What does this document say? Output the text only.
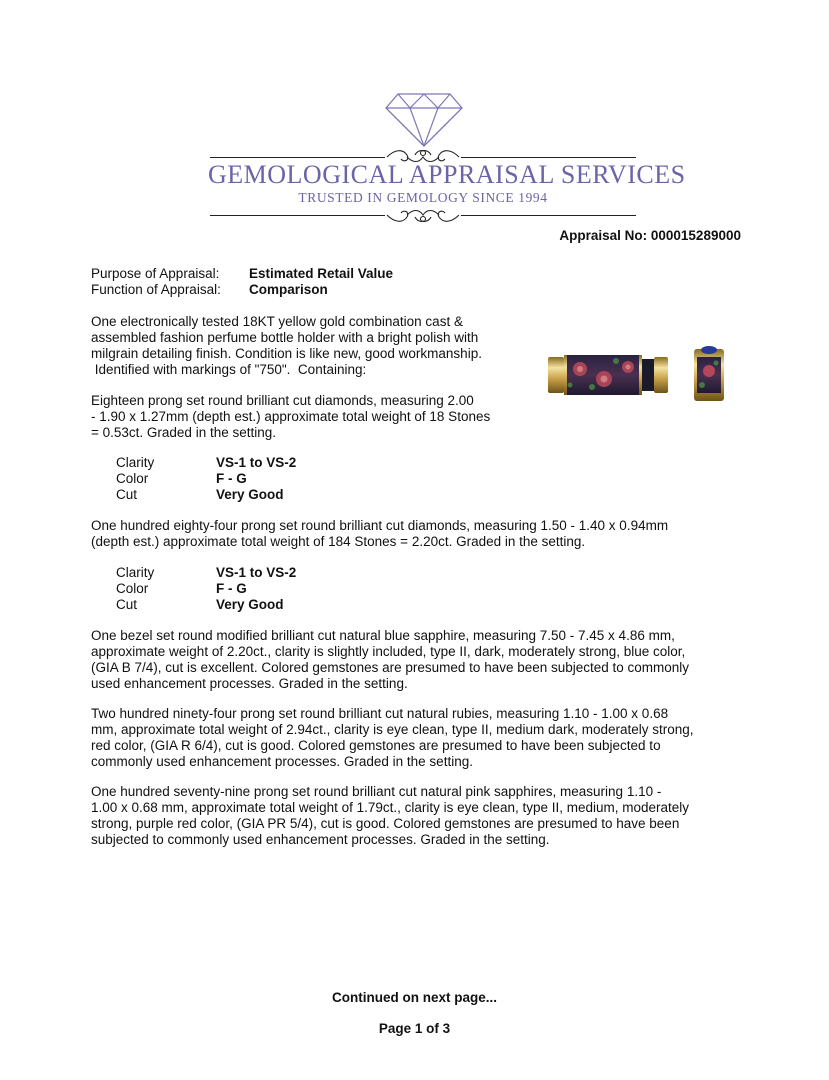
GEMOLOGICAL APPRAISAL SERVICES
TRUSTED IN GEMOLOGY SINCE 1994
Appraisal No: 000015289000
Purpose of Appraisal: Estimated Retail Value
Function of Appraisal: Comparison
One electronically tested 18KT yellow gold combination cast &
assembled fashion perfume bottle holder with a bright polish with
milgrain detailing finish. Condition is like new, good workmanship.
Identified with markings of "750".  Containing:
Eighteen prong set round brilliant cut diamonds, measuring 2.00
- 1.90 x 1.27mm (depth est.) approximate total weight of 18 Stones
= 0.53ct. Graded in the setting.
Clarity	VS-1 to VS-2
Color	F - G
Cut	Very Good
One hundred eighty-four prong set round brilliant cut diamonds, measuring 1.50 - 1.40 x 0.94mm
(depth est.) approximate total weight of 184 Stones = 2.20ct. Graded in the setting.
Clarity	VS-1 to VS-2
Color	F - G
Cut	Very Good
One bezel set round modified brilliant cut natural blue sapphire, measuring 7.50 - 7.45 x 4.86 mm,
approximate weight of 2.20ct., clarity is slightly included, type II, dark, moderately strong, blue color,
(GIA B 7/4), cut is excellent. Colored gemstones are presumed to have been subjected to commonly
used enhancement processes. Graded in the setting.
Two hundred ninety-four prong set round brilliant cut natural rubies, measuring 1.10 - 1.00 x 0.68
mm, approximate total weight of 2.94ct., clarity is eye clean, type II, medium dark, moderately strong,
red color, (GIA R 6/4), cut is good. Colored gemstones are presumed to have been subjected to
commonly used enhancement processes. Graded in the setting.
One hundred seventy-nine prong set round brilliant cut natural pink sapphires, measuring 1.10 -
1.00 x 0.68 mm, approximate total weight of 1.79ct., clarity is eye clean, type II, medium, moderately
strong, purple red color, (GIA PR 5/4), cut is good. Colored gemstones are presumed to have been
subjected to commonly used enhancement processes. Graded in the setting.
Continued on next page...
Page 1 of 3
